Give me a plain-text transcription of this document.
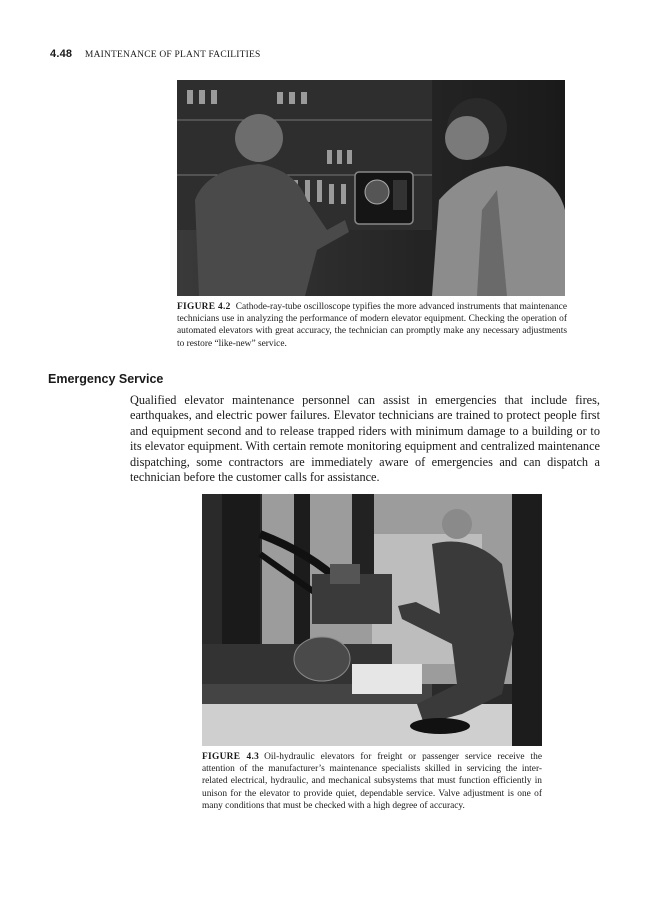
4.48 MAINTENANCE OF PLANT FACILITIES
FIGURE 4.2 Cathode-ray-tube oscilloscope typifies the more advanced instruments that maintenance technicians use in analyzing the performance of modern elevator equipment. Checking the operation of automated elevators with great accuracy, the technician can promptly make any necessary adjustments to restore “like-new” service.
Emergency Service
Qualified elevator maintenance personnel can assist in emergencies that include fires, earthquakes, and electric power failures. Elevator technicians are trained to protect people first and equipment second and to release trapped riders with minimum damage to a building or to its elevator equipment. With certain remote monitoring equipment and centralized maintenance dispatching, some contractors are immediately aware of emergencies and can dispatch a technician before the customer calls for assistance.
FIGURE 4.3 Oil-hydraulic elevators for freight or passenger service receive the attention of the manufacturer’s maintenance specialists skilled in servicing the inter-related electrical, hydraulic, and mechanical subsystems that must function efficiently in unison for the elevator to provide quiet, dependable service. Valve adjustment is one of many conditions that must be checked with a high degree of accuracy.
